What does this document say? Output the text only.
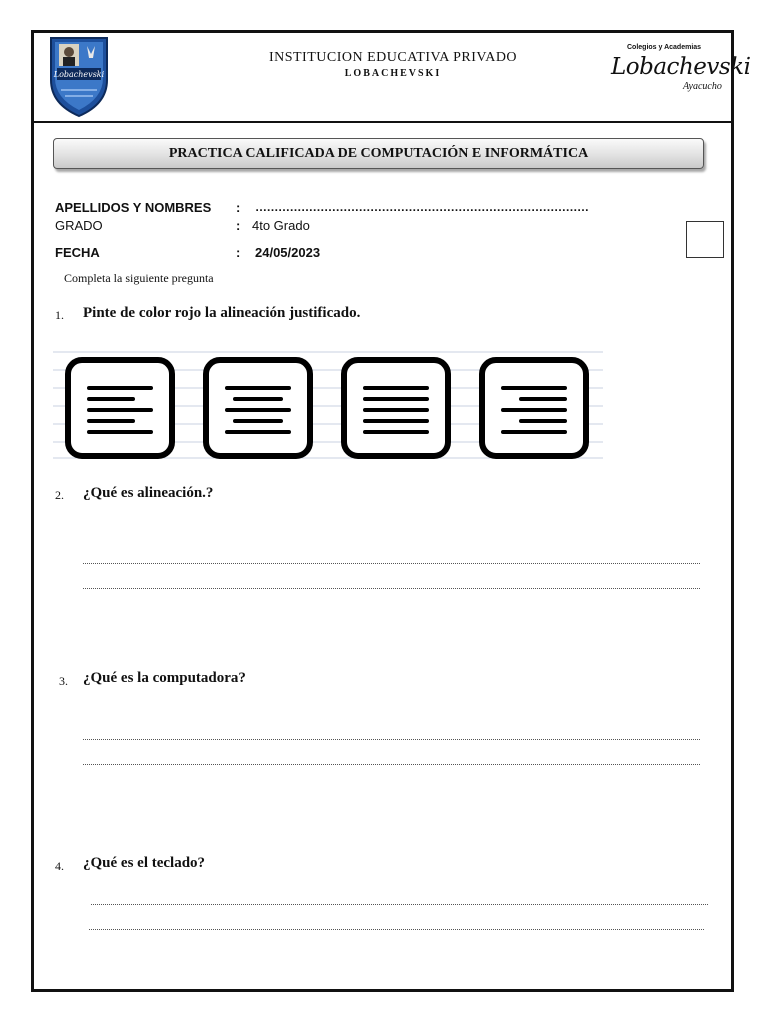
Lobachevski
INSTITUCION EDUCATIVA PRIVADO
LOBACHEVSKI
Colegios y Academias
Lobachevski
Ayacucho
PRACTICA CALIFICADA DE COMPUTACIÓN E INFORMÁTICA
APELLIDOS Y NOMBRES : ……………………………………………………………………………
GRADO	: 4to Grado
FECHA	: 24/05/2023
Completa la siguiente pregunta
1. Pinte de color rojo la alineación justificado.
2. ¿Qué es alineación.?
3. ¿Qué es la computadora?
4. ¿Qué es el teclado?
